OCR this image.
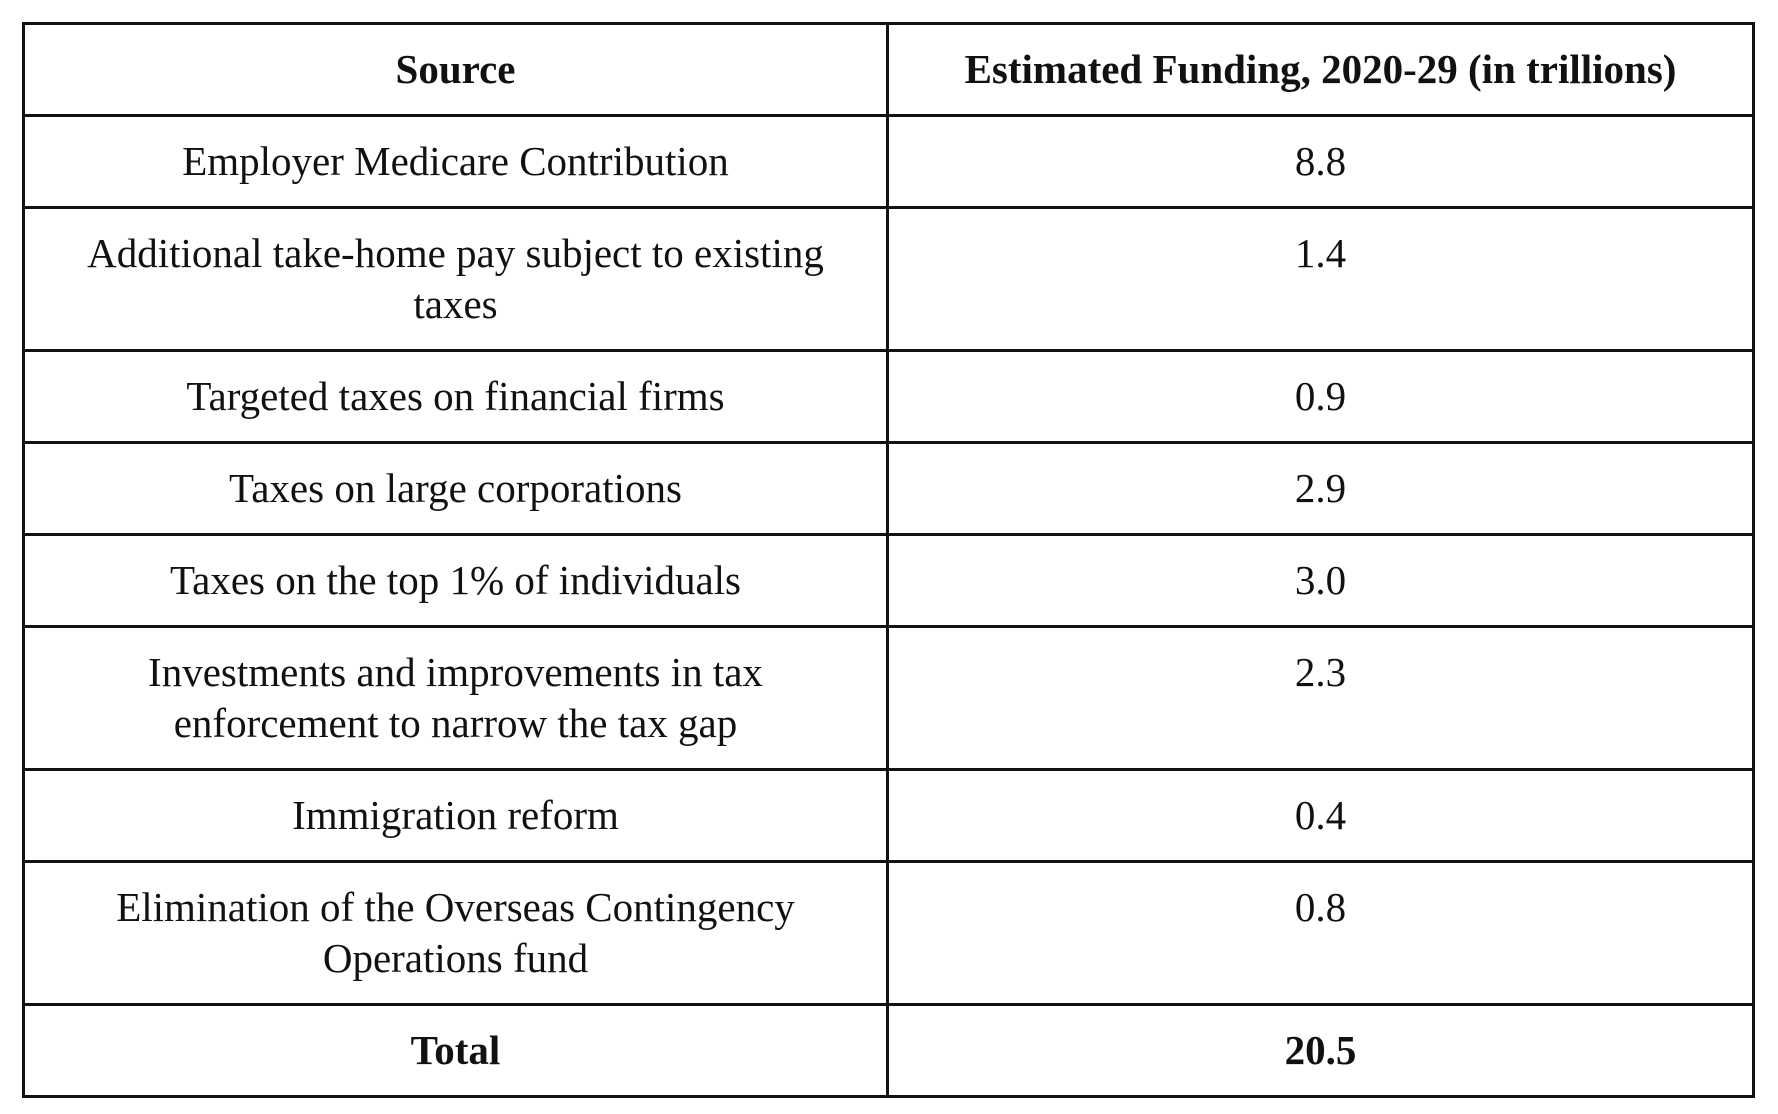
Source	Estimated Funding, 2020-29 (in trillions)
Employer Medicare Contribution	8.8
Additional take-home pay subject to existing taxes	1.4
Targeted taxes on financial firms	0.9
Taxes on large corporations	2.9
Taxes on the top 1% of individuals	3.0
Investments and improvements in tax enforcement to narrow the tax gap	2.3
Immigration reform	0.4
Elimination of the Overseas Contingency Operations fund	0.8
Total	20.5
